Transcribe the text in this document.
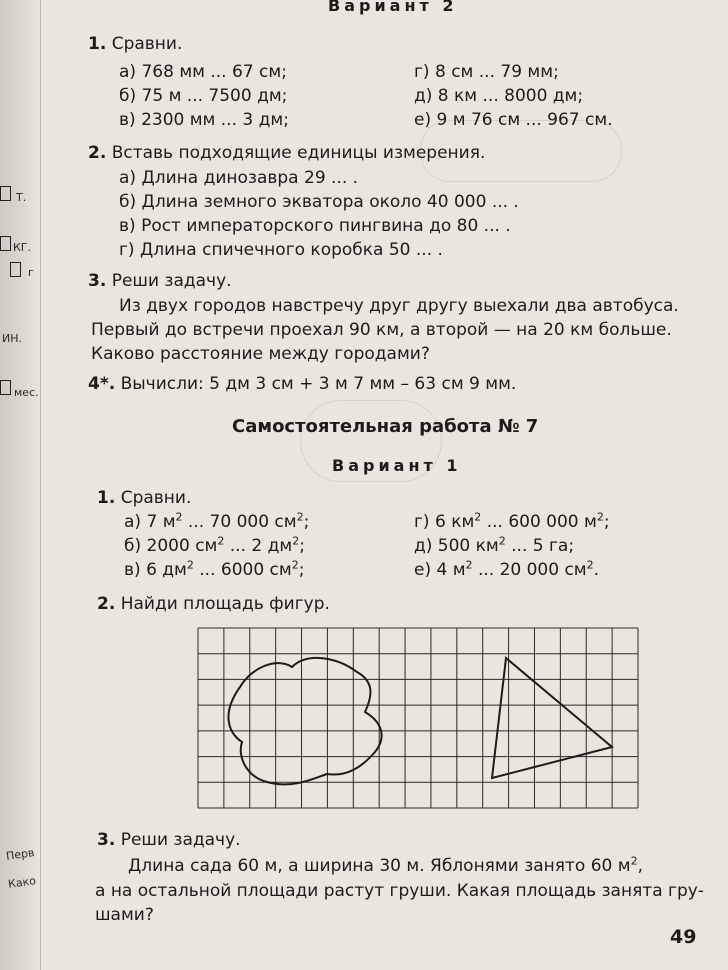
Т.
КГ.
г
ИН.
мес.
Перв
Како
Вариант 2
1. Сравни.
а) 768 мм ... 67 см;
б) 75 м ... 7500 дм;
в) 2300 мм ... 3 дм;
г) 8 см ... 79 мм;
д) 8 км ... 8000 дм;
е) 9 м 76 см ... 967 см.
2. Вставь подходящие единицы измерения.
а) Длина динозавра 29 ... .
б) Длина земного экватора около 40 000 ... .
в) Рост императорского пингвина до 80 ... .
г) Длина спичечного коробка 50 ... .
3. Реши задачу.
Из двух городов навстречу друг другу выехали два автобуса.
Первый до встречи проехал 90 км, а второй — на 20 км больше.
Каково расстояние между городами?
4*. Вычисли: 5 дм 3 см + 3 м 7 мм – 63 см 9 мм.
Самостоятельная работа № 7
Вариант 1
1. Сравни.
а) 7 $м^2$ ... 70 000 $см^2$;
б) 2000 $см^2$ ... 2 $дм^2$;
в) 6 $дм^2$ ... 6000 $см^2$;
г) 6 $км^2$ ... 600 000 $м^2$;
д) 500 $км^2$ ... 5 га;
е) 4 $м^2$ ... 20 000 $см^2$.
2. Найди площадь фигур.
3. Реши задачу.
Длина сада 60 м, а ширина 30 м. Яблонями занято 60 $м^2$,
а на остальной площади растут груши. Какая площадь занята гру-
шами?
49
